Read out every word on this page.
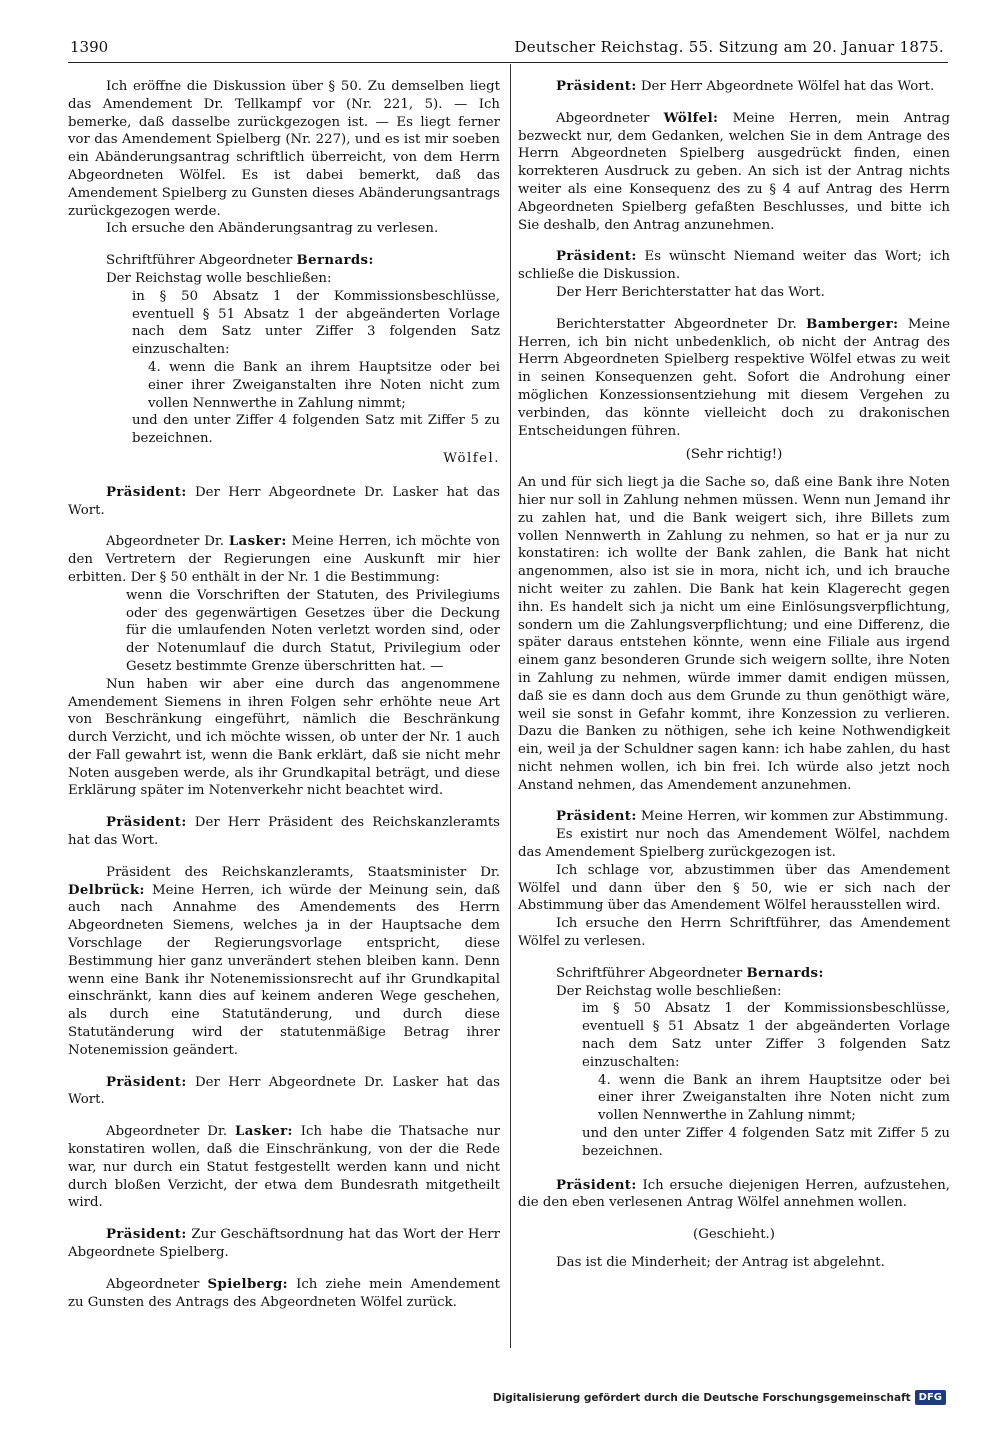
1390	Deutscher Reichstag. 55. Sitzung am 20. Januar 1875.

Ich eröffne die Diskussion über § 50. Zu demselben liegt das Amendement Dr. Tellkampf vor (Nr. 221, 5). — Ich bemerke, daß dasselbe zurückgezogen ist. — Es liegt ferner vor das Amendement Spielberg (Nr. 227), und es ist mir soeben ein Abänderungsantrag schriftlich überreicht, von dem Herrn Abgeordneten Wölfel. Es ist dabei bemerkt, daß das Amendement Spielberg zu Gunsten dieses Abänderungsantrags zurückgezogen werde.

Ich ersuche den Abänderungsantrag zu verlesen.

Schriftführer Abgeordneter Bernards:

Der Reichstag wolle beschließen:

in § 50 Absatz 1 der Kommissionsbeschlüsse, eventuell § 51 Absatz 1 der abgeänderten Vorlage nach dem Satz unter Ziffer 3 folgenden Satz einzuschalten:

4. wenn die Bank an ihrem Hauptsitze oder bei einer ihrer Zweiganstalten ihre Noten nicht zum vollen Nennwerthe in Zahlung nimmt;

und den unter Ziffer 4 folgenden Satz mit Ziffer 5 zu bezeichnen.

Wölfel.

Präsident: Der Herr Abgeordnete Dr. Lasker hat das Wort.

Abgeordneter Dr. Lasker: Meine Herren, ich möchte von den Vertretern der Regierungen eine Auskunft mir hier erbitten. Der § 50 enthält in der Nr. 1 die Bestimmung:

wenn die Vorschriften der Statuten, des Privilegiums oder des gegenwärtigen Gesetzes über die Deckung für die umlaufenden Noten verletzt worden sind, oder der Notenumlauf die durch Statut, Privilegium oder Gesetz bestimmte Grenze überschritten hat. —

Nun haben wir aber eine durch das angenommene Amendement Siemens in ihren Folgen sehr erhöhte neue Art von Beschränkung eingeführt, nämlich die Beschränkung durch Verzicht, und ich möchte wissen, ob unter der Nr. 1 auch der Fall gewahrt ist, wenn die Bank erklärt, daß sie nicht mehr Noten ausgeben werde, als ihr Grundkapital beträgt, und diese Erklärung später im Notenverkehr nicht beachtet wird.

Präsident: Der Herr Präsident des Reichskanzleramts hat das Wort.

Präsident des Reichskanzleramts, Staatsminister Dr. Delbrück: Meine Herren, ich würde der Meinung sein, daß auch nach Annahme des Amendements des Herrn Abgeordneten Siemens, welches ja in der Hauptsache dem Vorschlage der Regierungsvorlage entspricht, diese Bestimmung hier ganz unverändert stehen bleiben kann. Denn wenn eine Bank ihr Notenemissionsrecht auf ihr Grundkapital einschränkt, kann dies auf keinem anderen Wege geschehen, als durch eine Statutänderung, und durch diese Statutänderung wird der statutenmäßige Betrag ihrer Notenemission geändert.

Präsident: Der Herr Abgeordnete Dr. Lasker hat das Wort.

Abgeordneter Dr. Lasker: Ich habe die Thatsache nur konstatiren wollen, daß die Einschränkung, von der die Rede war, nur durch ein Statut festgestellt werden kann und nicht durch bloßen Verzicht, der etwa dem Bundesrath mitgetheilt wird.

Präsident: Zur Geschäftsordnung hat das Wort der Herr Abgeordnete Spielberg.

Abgeordneter Spielberg: Ich ziehe mein Amendement zu Gunsten des Antrags des Abgeordneten Wölfel zurück.

Präsident: Der Herr Abgeordnete Wölfel hat das Wort.

Abgeordneter Wölfel: Meine Herren, mein Antrag bezweckt nur, dem Gedanken, welchen Sie in dem Antrage des Herrn Abgeordneten Spielberg ausgedrückt finden, einen korrekteren Ausdruck zu geben. An sich ist der Antrag nichts weiter als eine Konsequenz des zu § 4 auf Antrag des Herrn Abgeordneten Spielberg gefaßten Beschlusses, und bitte ich Sie deshalb, den Antrag anzunehmen.

Präsident: Es wünscht Niemand weiter das Wort; ich schließe die Diskussion.

Der Herr Berichterstatter hat das Wort.

Berichterstatter Abgeordneter Dr. Bamberger: Meine Herren, ich bin nicht unbedenklich, ob nicht der Antrag des Herrn Abgeordneten Spielberg respektive Wölfel etwas zu weit in seinen Konsequenzen geht. Sofort die Androhung einer möglichen Konzessionsentziehung mit diesem Vergehen zu verbinden, das könnte vielleicht doch zu drakonischen Entscheidungen führen.

(Sehr richtig!)

An und für sich liegt ja die Sache so, daß eine Bank ihre Noten hier nur soll in Zahlung nehmen müssen. Wenn nun Jemand ihr zu zahlen hat, und die Bank weigert sich, ihre Billets zum vollen Nennwerth in Zahlung zu nehmen, so hat er ja nur zu konstatiren: ich wollte der Bank zahlen, die Bank hat nicht angenommen, also ist sie in mora, nicht ich, und ich brauche nicht weiter zu zahlen. Die Bank hat kein Klagerecht gegen ihn. Es handelt sich ja nicht um eine Einlösungsverpflichtung, sondern um die Zahlungsverpflichtung; und eine Differenz, die später daraus entstehen könnte, wenn eine Filiale aus irgend einem ganz besonderen Grunde sich weigern sollte, ihre Noten in Zahlung zu nehmen, würde immer damit endigen müssen, daß sie es dann doch aus dem Grunde zu thun genöthigt wäre, weil sie sonst in Gefahr kommt, ihre Konzession zu verlieren. Dazu die Banken zu nöthigen, sehe ich keine Nothwendigkeit ein, weil ja der Schuldner sagen kann: ich habe zahlen, du hast nicht nehmen wollen, ich bin frei. Ich würde also jetzt noch Anstand nehmen, das Amendement anzunehmen.

Präsident: Meine Herren, wir kommen zur Abstimmung.

Es existirt nur noch das Amendement Wölfel, nachdem das Amendement Spielberg zurückgezogen ist.

Ich schlage vor, abzustimmen über das Amendement Wölfel und dann über den § 50, wie er sich nach der Abstimmung über das Amendement Wölfel herausstellen wird.

Ich ersuche den Herrn Schriftführer, das Amendement Wölfel zu verlesen.

Schriftführer Abgeordneter Bernards:

Der Reichstag wolle beschließen:

im § 50 Absatz 1 der Kommissionsbeschlüsse, eventuell § 51 Absatz 1 der abgeänderten Vorlage nach dem Satz unter Ziffer 3 folgenden Satz einzuschalten:

4. wenn die Bank an ihrem Hauptsitze oder bei einer ihrer Zweiganstalten ihre Noten nicht zum vollen Nennwerthe in Zahlung nimmt;

und den unter Ziffer 4 folgenden Satz mit Ziffer 5 zu bezeichnen.

Präsident: Ich ersuche diejenigen Herren, aufzustehen, die den eben verlesenen Antrag Wölfel annehmen wollen.

(Geschieht.)

Das ist die Minderheit; der Antrag ist abgelehnt.

Digitalisierung gefördert durch die Deutsche Forschungsgemeinschaft DFG
